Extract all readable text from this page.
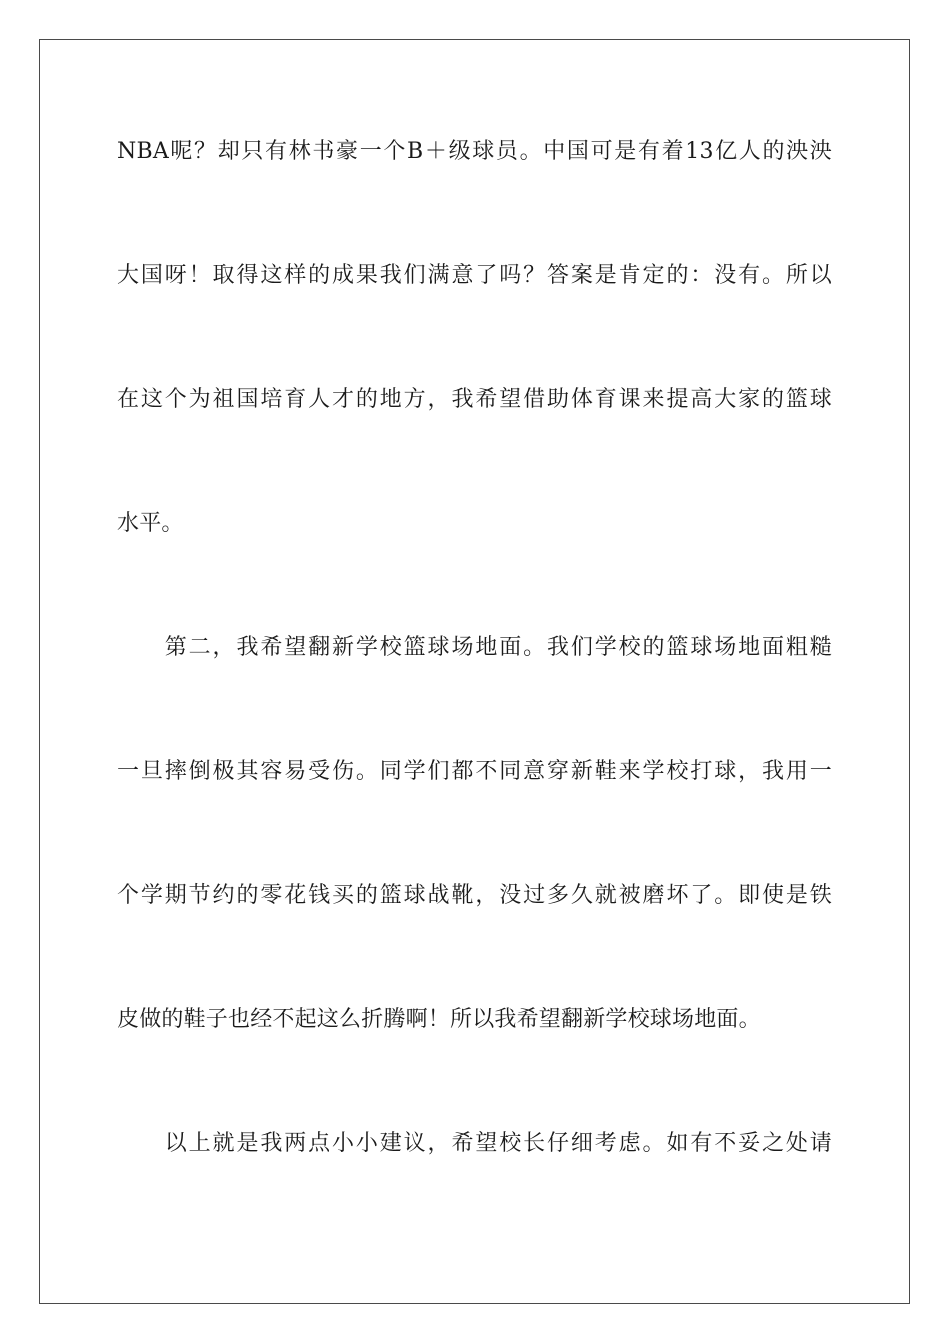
NBA呢？却只有林书豪一个B＋级球员。中国可是有着13亿人的泱泱
大国呀！取得这样的成果我们满意了吗？答案是肯定的：没有。所以
在这个为祖国培育人才的地方，我希望借助体育课来提高大家的篮球
水平。
　　第二，我希望翻新学校篮球场地面。我们学校的篮球场地面粗糙
一旦摔倒极其容易受伤。同学们都不同意穿新鞋来学校打球，我用一
个学期节约的零花钱买的篮球战靴，没过多久就被磨坏了。即使是铁
皮做的鞋子也经不起这么折腾啊！所以我希望翻新学校球场地面。
　　以上就是我两点小小建议，希望校长仔细考虑。如有不妥之处请
